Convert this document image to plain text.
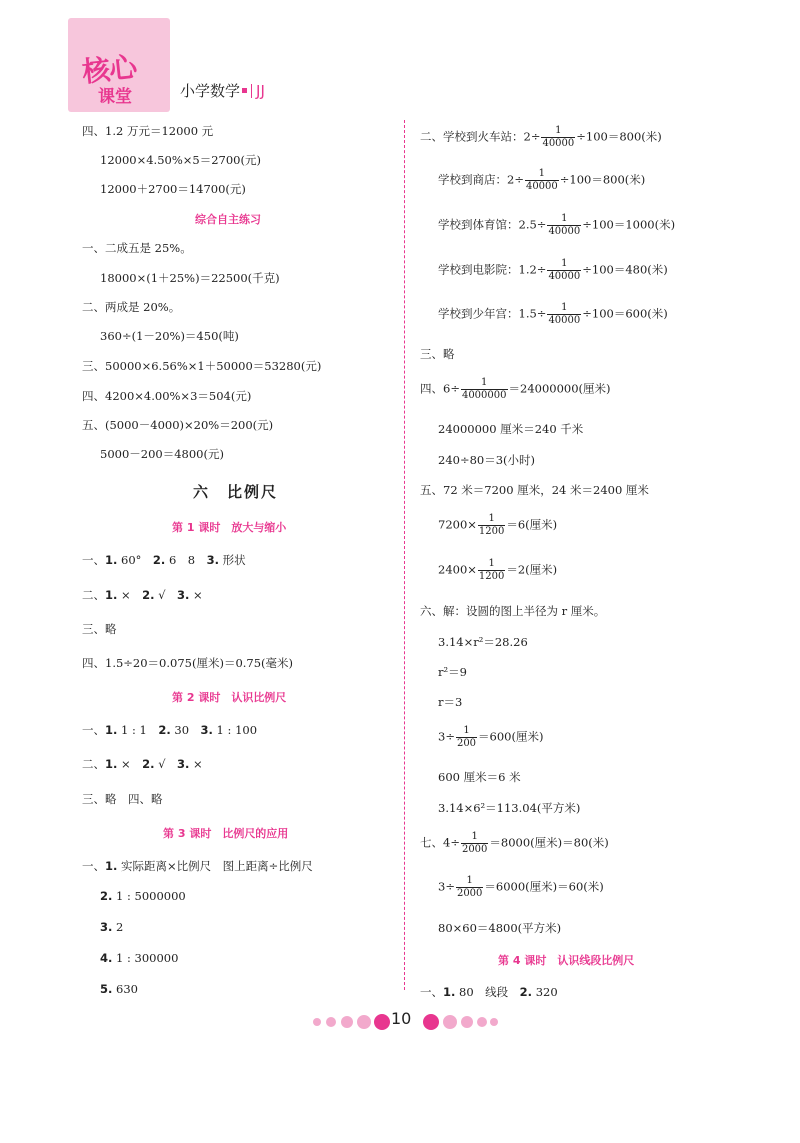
核心
课堂	小学数学 JJ
四、1.2 万元＝12000 元
12000×4.50%×5＝2700(元)
12000＋2700＝14700(元)
综合自主练习
一、二成五是 25%。
18000×(1＋25%)＝22500(千克)
二、两成是 20%。
360÷(1－20%)＝450(吨)
三、50000×6.56%×1＋50000＝53280(元)
四、4200×4.00%×3＝504(元)
五、(5000－4000)×20%＝200(元)
5000－200＝4800(元)
六　比例尺
第 1 课时　放大与缩小
一、1. 60°　2. 6　8　3. 形状
二、1. ×　2. √　3. ×
三、略
四、1.5÷20＝0.075(厘米)＝0.75(毫米)
第 2 课时　认识比例尺
一、1. 1 : 1　2. 30　3. 1 : 100
二、1. ×　2. √　3. ×
三、略　四、略
第 3 课时　比例尺的应用
一、1. 实际距离×比例尺　图上距离÷比例尺
2. 1 : 5000000
3. 2
4. 1 : 300000
5. 630
二、学校到火车站：$2\div \frac{1}{40000} \div 100=800$(米)
学校到商店：$2\div \frac{1}{40000} \div 100=800$(米)
学校到体育馆：$2.5\div \frac{1}{40000} \div 100=1000$(米)
学校到电影院：$1.2\div \frac{1}{40000} \div 100=480$(米)
学校到少年宫：$1.5\div \frac{1}{40000} \div 100=600$(米)
三、略
四、$6\div \frac{1}{4000000} =24000000$(厘米)
24000000 厘米＝240 千米
240÷80＝3(小时)
五、72 米＝7200 厘米，24 米＝2400 厘米
$7200\times \frac{1}{1200} =6$(厘米)
$2400\times \frac{1}{1200} =2$(厘米)
六、解：设圆的图上半径为 r 厘米。
3.14×r²＝28.26
r²＝9
r＝3
$3\div \frac{1}{200} =600$(厘米)
600 厘米＝6 米
3.14×6²＝113.04(平方米)
七、$4\div \frac{1}{2000} =8000$(厘米)＝80(米)
$3\div \frac{1}{2000} =6000$(厘米)＝60(米)
80×60＝4800(平方米)
第 4 课时　认识线段比例尺
一、1. 80　线段　2. 320
10
